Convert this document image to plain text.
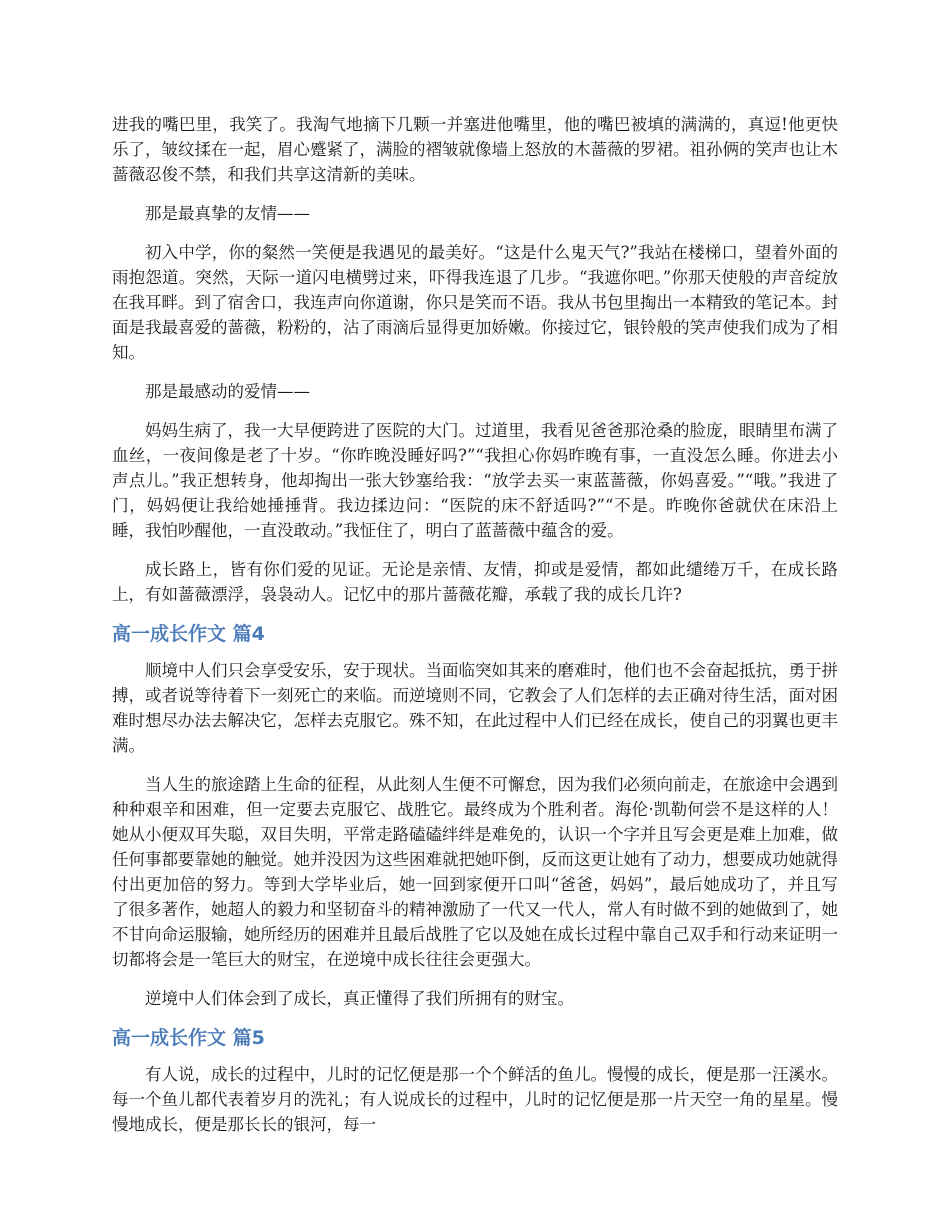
进我的嘴巴里，我笑了。我淘气地摘下几颗一并塞进他嘴里，他的嘴巴被填的满满的，真逗!他更快乐了，皱纹揉在一起，眉心蹙紧了，满脸的褶皱就像墙上怒放的木蔷薇的罗裙。祖孙俩的笑声也让木蔷薇忍俊不禁，和我们共享这清新的美味。

那是最真挚的友情——

初入中学，你的粲然一笑便是我遇见的最美好。“这是什么鬼天气?”我站在楼梯口，望着外面的雨抱怨道。突然，天际一道闪电横劈过来，吓得我连退了几步。“我遮你吧。”你那天使般的声音绽放在我耳畔。到了宿舍口，我连声向你道谢，你只是笑而不语。我从书包里掏出一本精致的笔记本。封面是我最喜爱的蔷薇，粉粉的，沾了雨滴后显得更加娇嫩。你接过它，银铃般的笑声使我们成为了相知。

那是最感动的爱情——

妈妈生病了，我一大早便跨进了医院的大门。过道里，我看见爸爸那沧桑的脸庞，眼睛里布满了血丝，一夜间像是老了十岁。“你昨晚没睡好吗?”“我担心你妈昨晚有事，一直没怎么睡。你进去小声点儿。”我正想转身，他却掏出一张大钞塞给我：“放学去买一束蓝蔷薇，你妈喜爱。”“哦。”我进了门，妈妈便让我给她捶捶背。我边揉边问：“医院的床不舒适吗?”“不是。昨晚你爸就伏在床沿上睡，我怕吵醒他，一直没敢动。”我怔住了，明白了蓝蔷薇中蕴含的爱。

成长路上，皆有你们爱的见证。无论是亲情、友情，抑或是爱情，都如此缱绻万千，在成长路上，有如蔷薇漂浮，袅袅动人。记忆中的那片蔷薇花瓣，承载了我的成长几许?

高一成长作文 篇4

顺境中人们只会享受安乐，安于现状。当面临突如其来的磨难时，他们也不会奋起抵抗，勇于拼搏，或者说等待着下一刻死亡的来临。而逆境则不同，它教会了人们怎样的去正确对待生活，面对困难时想尽办法去解决它，怎样去克服它。殊不知，在此过程中人们已经在成长，使自己的羽翼也更丰满。

当人生的旅途踏上生命的征程，从此刻人生便不可懈怠，因为我们必须向前走，在旅途中会遇到种种艰辛和困难，但一定要去克服它、战胜它。最终成为个胜利者。海伦·凯勒何尝不是这样的人！她从小便双耳失聪，双目失明，平常走路磕磕绊绊是难免的，认识一个字并且写会更是难上加难，做任何事都要靠她的触觉。她并没因为这些困难就把她吓倒，反而这更让她有了动力，想要成功她就得付出更加倍的努力。等到大学毕业后，她一回到家便开口叫“爸爸，妈妈”，最后她成功了，并且写了很多著作，她超人的毅力和坚韧奋斗的精神激励了一代又一代人，常人有时做不到的她做到了，她不甘向命运服输，她所经历的困难并且最后战胜了它以及她在成长过程中靠自己双手和行动来证明一切都将会是一笔巨大的财宝，在逆境中成长往往会更强大。

逆境中人们体会到了成长，真正懂得了我们所拥有的财宝。

高一成长作文 篇5

有人说，成长的过程中，儿时的记忆便是那一个个鲜活的鱼儿。慢慢的成长，便是那一汪溪水。每一个鱼儿都代表着岁月的洗礼；有人说成长的过程中，儿时的记忆便是那一片天空一角的星星。慢慢地成长，便是那长长的银河，每一
